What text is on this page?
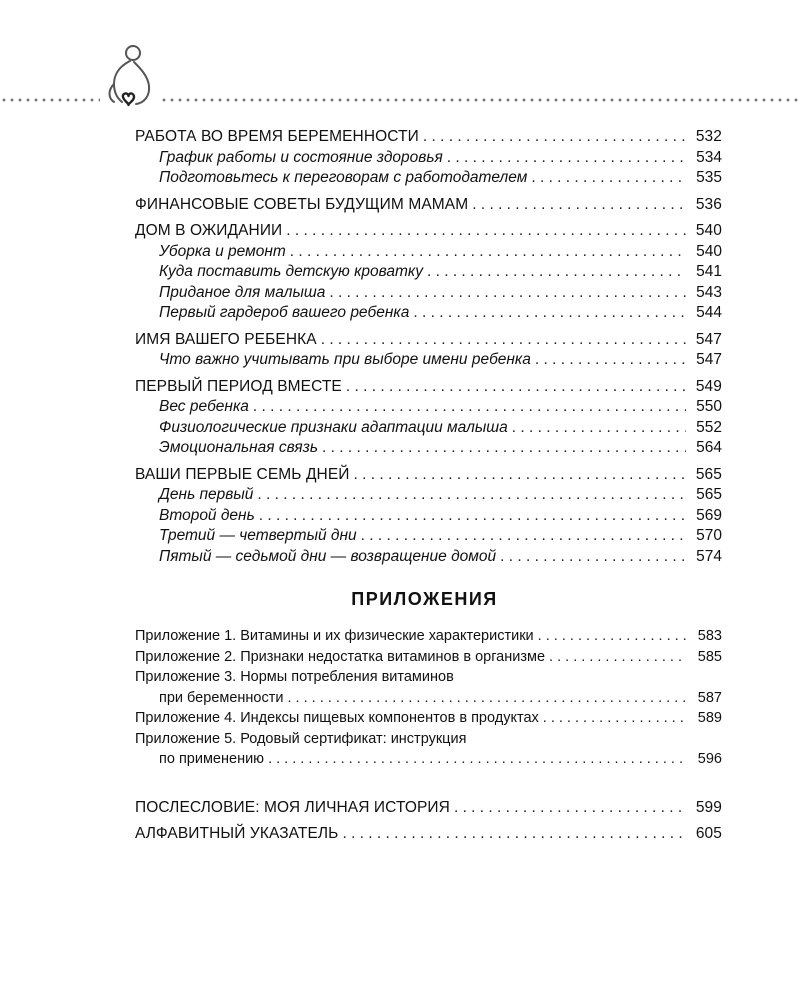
РАБОТА ВО ВРЕМЯ БЕРЕМЕННОСТИ . . .	532
График работы и состояние здоровья . . .	534
Подготовьтесь к переговорам с работодателем . . .	535
ФИНАНСОВЫЕ СОВЕТЫ БУДУЩИМ МАМАМ . . .	536
ДОМ В ОЖИДАНИИ . . .	540
Уборка и ремонт . . .	540
Куда поставить детскую кроватку . . .	541
Приданое для малыша . . .	543
Первый гардероб вашего ребенка . . .	544
ИМЯ ВАШЕГО РЕБЕНКА . . .	547
Что важно учитывать при выборе имени ребенка . . .	547
ПЕРВЫЙ ПЕРИОД ВМЕСТЕ . . .	549
Вес ребенка . . .	550
Физиологические признаки адаптации малыша . . .	552
Эмоциональная связь . . .	564
ВАШИ ПЕРВЫЕ СЕМЬ ДНЕЙ . . .	565
День первый . . .	565
Второй день . . .	569
Третий — четвертый дни . . .	570
Пятый — седьмой дни — возвращение домой . . .	574
ПРИЛОЖЕНИЯ
Приложение 1. Витамины и их физические характеристики . . .	583
Приложение 2. Признаки недостатка витаминов в организме . . .	585
Приложение 3. Нормы потребления витаминов
при беременности . . .	587
Приложение 4. Индексы пищевых компонентов в продуктах . . .	589
Приложение 5. Родовый сертификат: инструкция
по применению . . .	596
ПОСЛЕСЛОВИЕ: МОЯ ЛИЧНАЯ ИСТОРИЯ . . .	599
АЛФАВИТНЫЙ УКАЗАТЕЛЬ . . .	605
